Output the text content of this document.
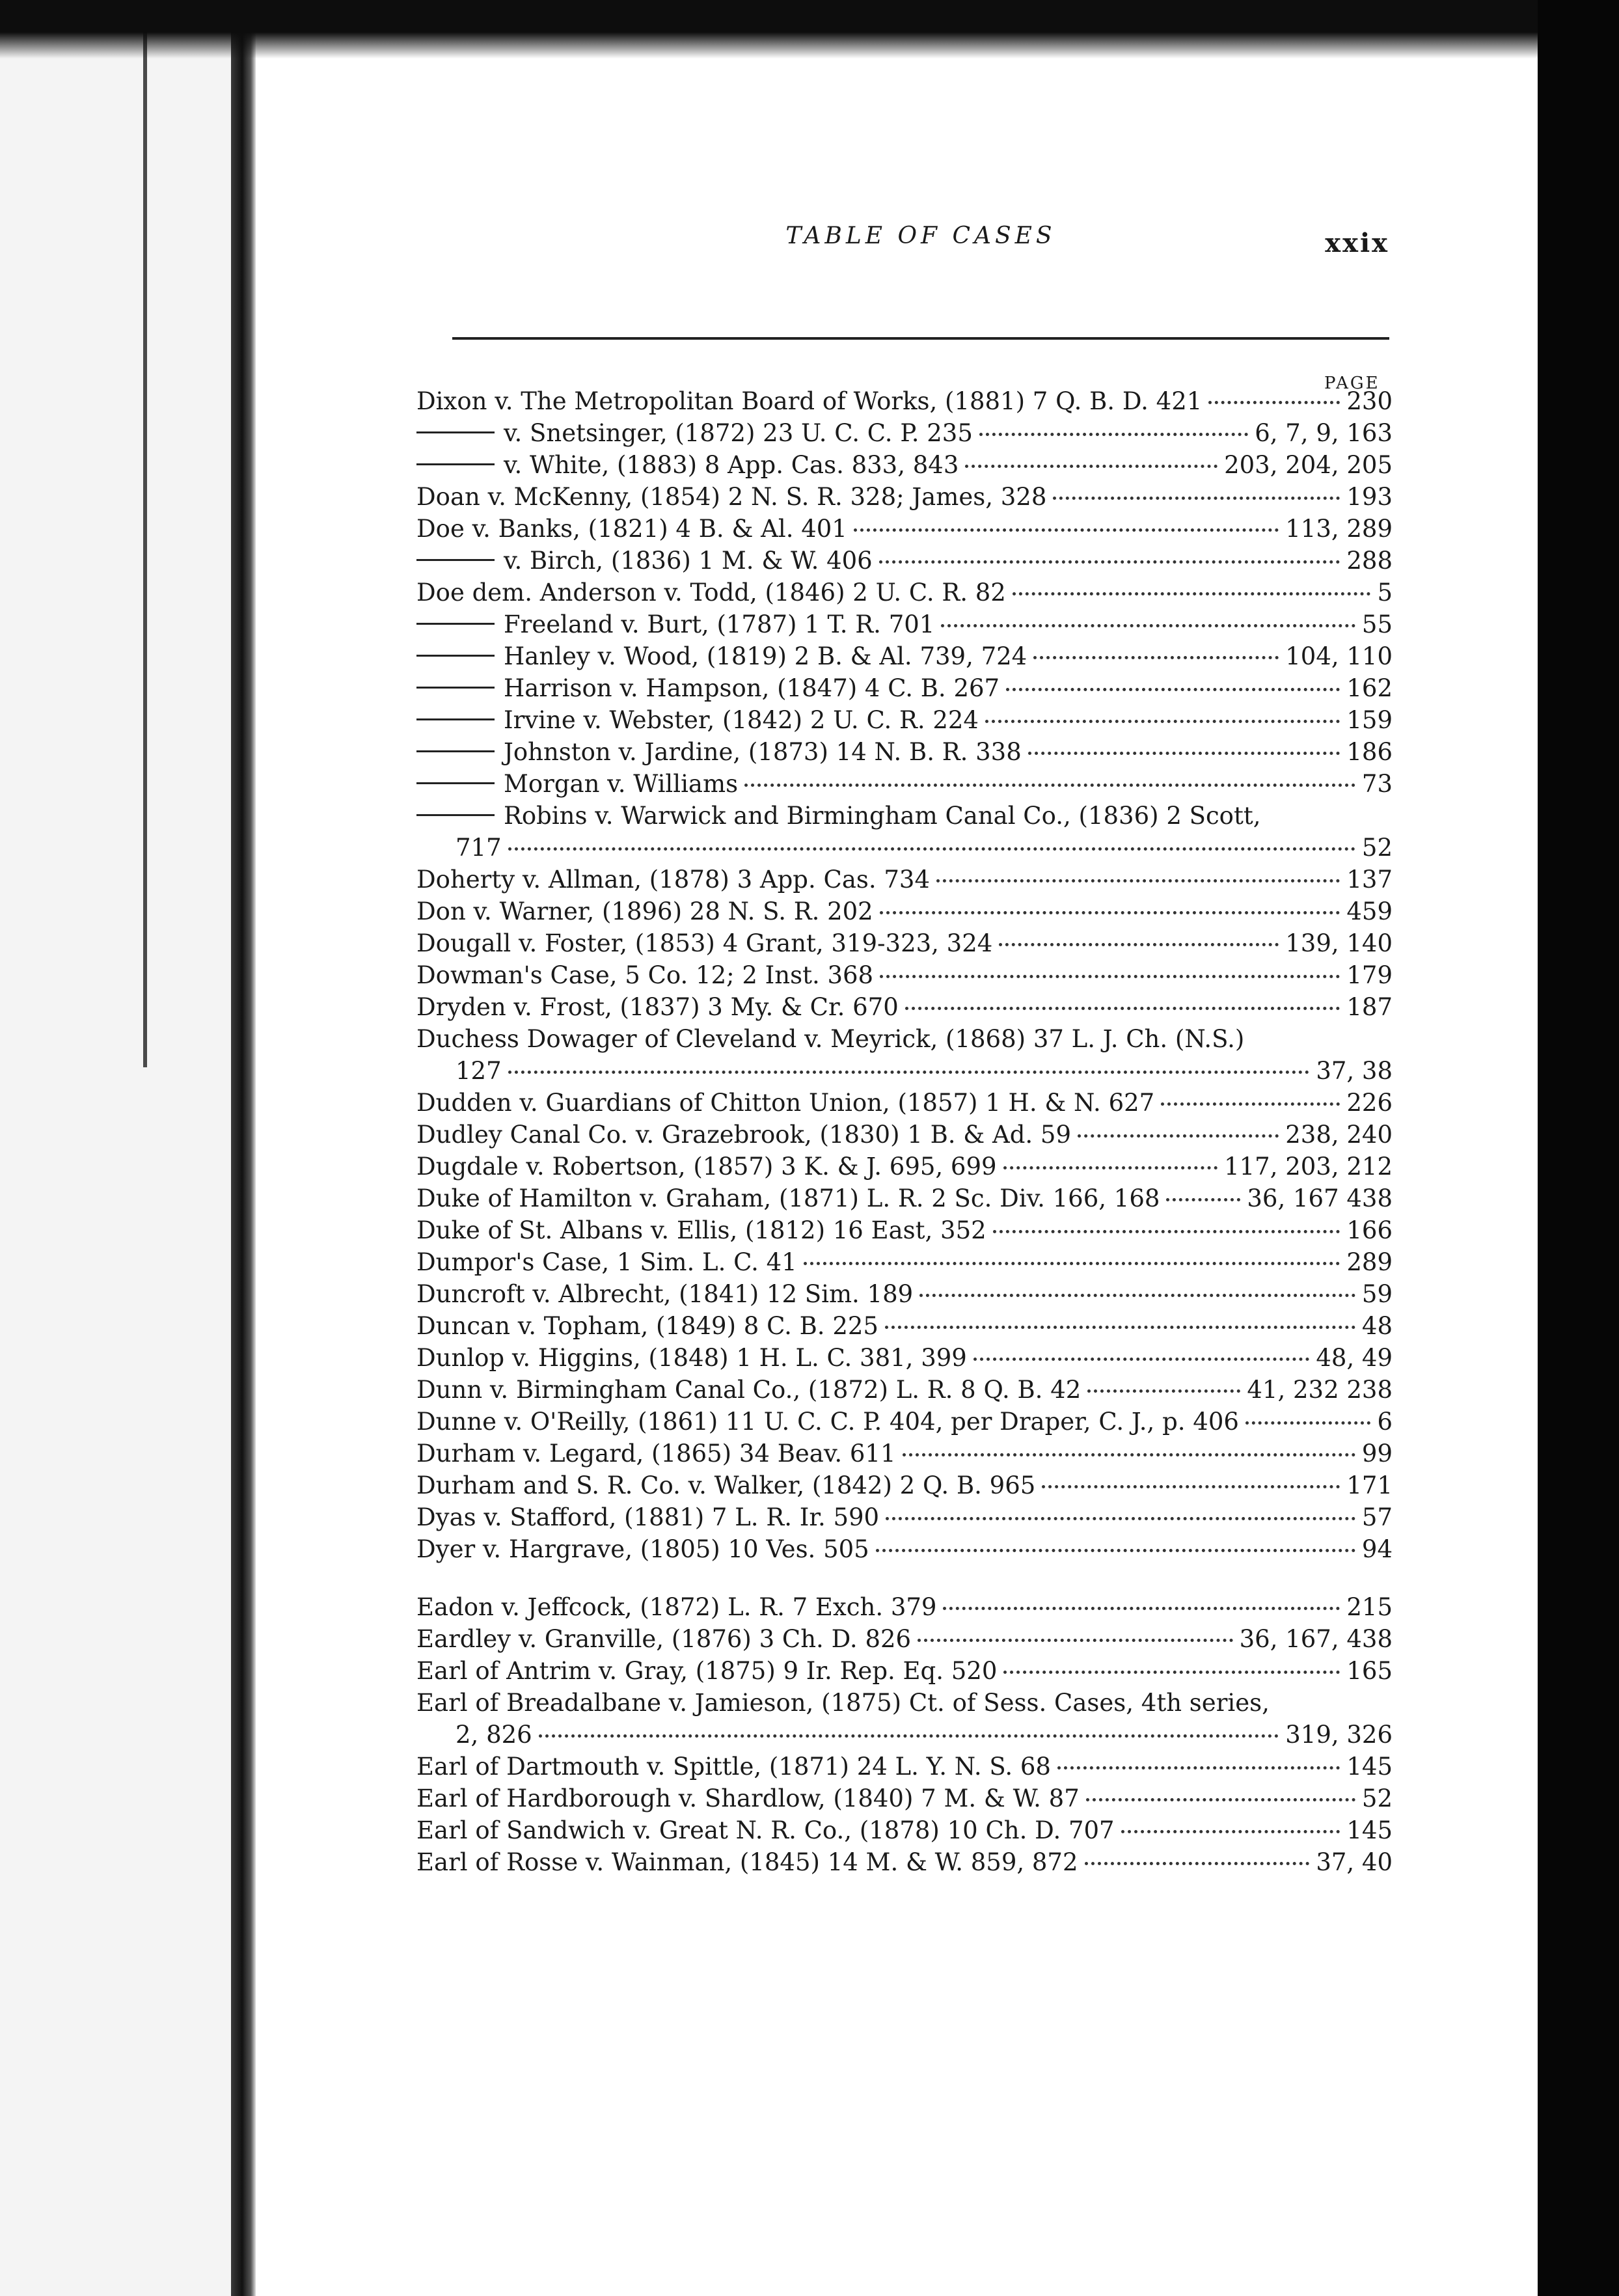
TABLE OF CASES	xxix
PAGE
Dixon v. The Metropolitan Board of Works, (1881) 7 Q. B. D. 421	230
v. Snetsinger, (1872) 23 U. C. C. P. 235	6, 7, 9, 163
v. White, (1883) 8 App. Cas. 833, 843	203, 204, 205
Doan v. McKenny, (1854) 2 N. S. R. 328; James, 328	193
Doe v. Banks, (1821) 4 B. & Al. 401	113, 289
v. Birch, (1836) 1 M. & W. 406	288
Doe dem. Anderson v. Todd, (1846) 2 U. C. R. 82	5
Freeland v. Burt, (1787) 1 T. R. 701	55
Hanley v. Wood, (1819) 2 B. & Al. 739, 724	104, 110
Harrison v. Hampson, (1847) 4 C. B. 267	162
Irvine v. Webster, (1842) 2 U. C. R. 224	159
Johnston v. Jardine, (1873) 14 N. B. R. 338	186
Morgan v. Williams	73
Robins v. Warwick and Birmingham Canal Co., (1836) 2 Scott,
717	52
Doherty v. Allman, (1878) 3 App. Cas. 734	137
Don v. Warner, (1896) 28 N. S. R. 202	459
Dougall v. Foster, (1853) 4 Grant, 319-323, 324	139, 140
Dowman's Case, 5 Co. 12; 2 Inst. 368	179
Dryden v. Frost, (1837) 3 My. & Cr. 670	187
Duchess Dowager of Cleveland v. Meyrick, (1868) 37 L. J. Ch. (N.S.)
127	37, 38
Dudden v. Guardians of Chitton Union, (1857) 1 H. & N. 627	226
Dudley Canal Co. v. Grazebrook, (1830) 1 B. & Ad. 59	238, 240
Dugdale v. Robertson, (1857) 3 K. & J. 695, 699	117, 203, 212
Duke of Hamilton v. Graham, (1871) L. R. 2 Sc. Div. 166, 168	36, 167 438
Duke of St. Albans v. Ellis, (1812) 16 East, 352	166
Dumpor's Case, 1 Sim. L. C. 41	289
Duncroft v. Albrecht, (1841) 12 Sim. 189	59
Duncan v. Topham, (1849) 8 C. B. 225	48
Dunlop v. Higgins, (1848) 1 H. L. C. 381, 399	48, 49
Dunn v. Birmingham Canal Co., (1872) L. R. 8 Q. B. 42	41, 232 238
Dunne v. O'Reilly, (1861) 11 U. C. C. P. 404, per Draper, C. J., p. 406	6
Durham v. Legard, (1865) 34 Beav. 611	99
Durham and S. R. Co. v. Walker, (1842) 2 Q. B. 965	171
Dyas v. Stafford, (1881) 7 L. R. Ir. 590	57
Dyer v. Hargrave, (1805) 10 Ves. 505	94
Eadon v. Jeffcock, (1872) L. R. 7 Exch. 379	215
Eardley v. Granville, (1876) 3 Ch. D. 826	36, 167, 438
Earl of Antrim v. Gray, (1875) 9 Ir. Rep. Eq. 520	165
Earl of Breadalbane v. Jamieson, (1875) Ct. of Sess. Cases, 4th series,
2, 826	319, 326
Earl of Dartmouth v. Spittle, (1871) 24 L. Y. N. S. 68	145
Earl of Hardborough v. Shardlow, (1840) 7 M. & W. 87	52
Earl of Sandwich v. Great N. R. Co., (1878) 10 Ch. D. 707	145
Earl of Rosse v. Wainman, (1845) 14 M. & W. 859, 872	37, 40
